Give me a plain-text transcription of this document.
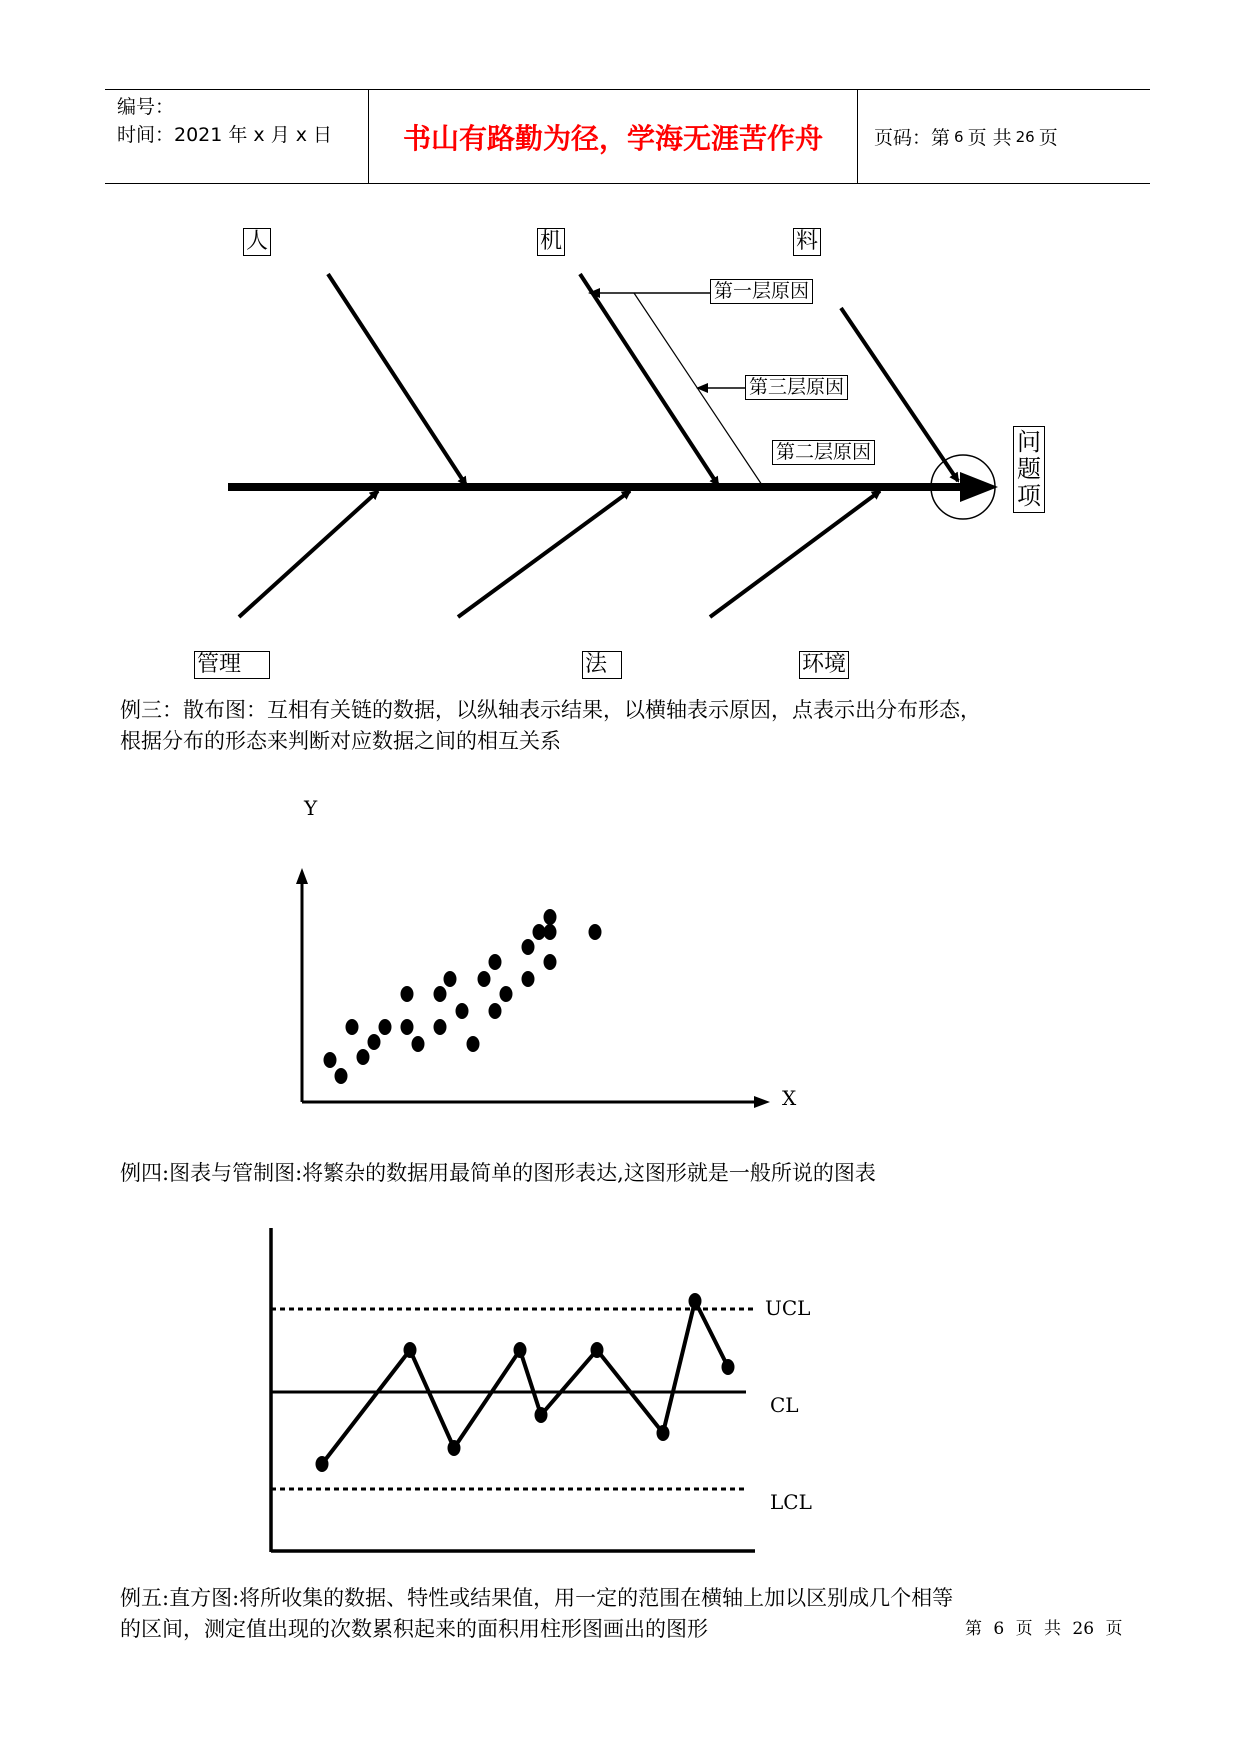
编号：
时间：2021 年 x 月 x 日	书山有路勤为径，学海无涯苦作舟	页码：第 6 页 共 26 页
人	机	料
管理	法	环境
第一层原因
第三层原因
第二层原因	问
题
项
例三：散布图：互相有关链的数据，以纵轴表示结果，以横轴表示原因，点表示出分布形态，
根据分布的形态来判断对应数据之间的相互关系
Y
X
例四:图表与管制图:将繁杂的数据用最简单的图形表达,这图形就是一般所说的图表
UCL
CL
LCL
例五:直方图:将所收集的数据、特性或结果值，用一定的范围在横轴上加以区别成几个相等
的区间，测定值出现的次数累积起来的面积用柱形图画出的图形	第 6 页 共 26 页
